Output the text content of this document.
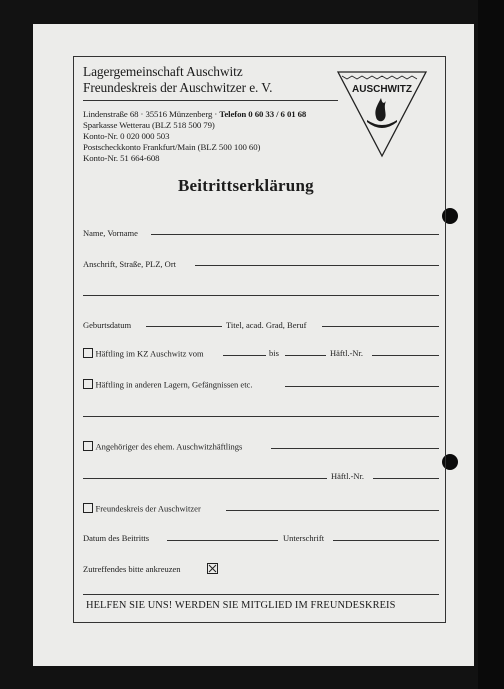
Lagergemeinschaft Auschwitz
Freundeskreis der Auschwitzer e. V.
Lindenstraße 68 · 35516 Münzenberg · Telefon 0 60 33 / 6 01 68
Sparkasse Wetterau (BLZ 518 500 79)
Konto-Nr. 0 020 000 503
Postscheckkonto Frankfurt/Main (BLZ 500 100 60)
Konto-Nr. 51 664-608
AUSCHWITZ
Beitrittserklärung
Name, Vorname
Anschrift, Straße, PLZ, Ort
Geburtsdatum	Titel, acad. Grad, Beruf
Häftling im KZ Auschwitz vom	bis	Häftl.-Nr.
Häftling in anderen Lagern, Gefängnissen etc.
Angehöriger des ehem. Auschwitzhäftlings
Häftl.-Nr.
Freundeskreis der Auschwitzer
Datum des Beitritts	Unterschrift
Zutreffendes bitte ankreuzen
HELFEN SIE UNS! WERDEN SIE MITGLIED IM FREUNDESKREIS
